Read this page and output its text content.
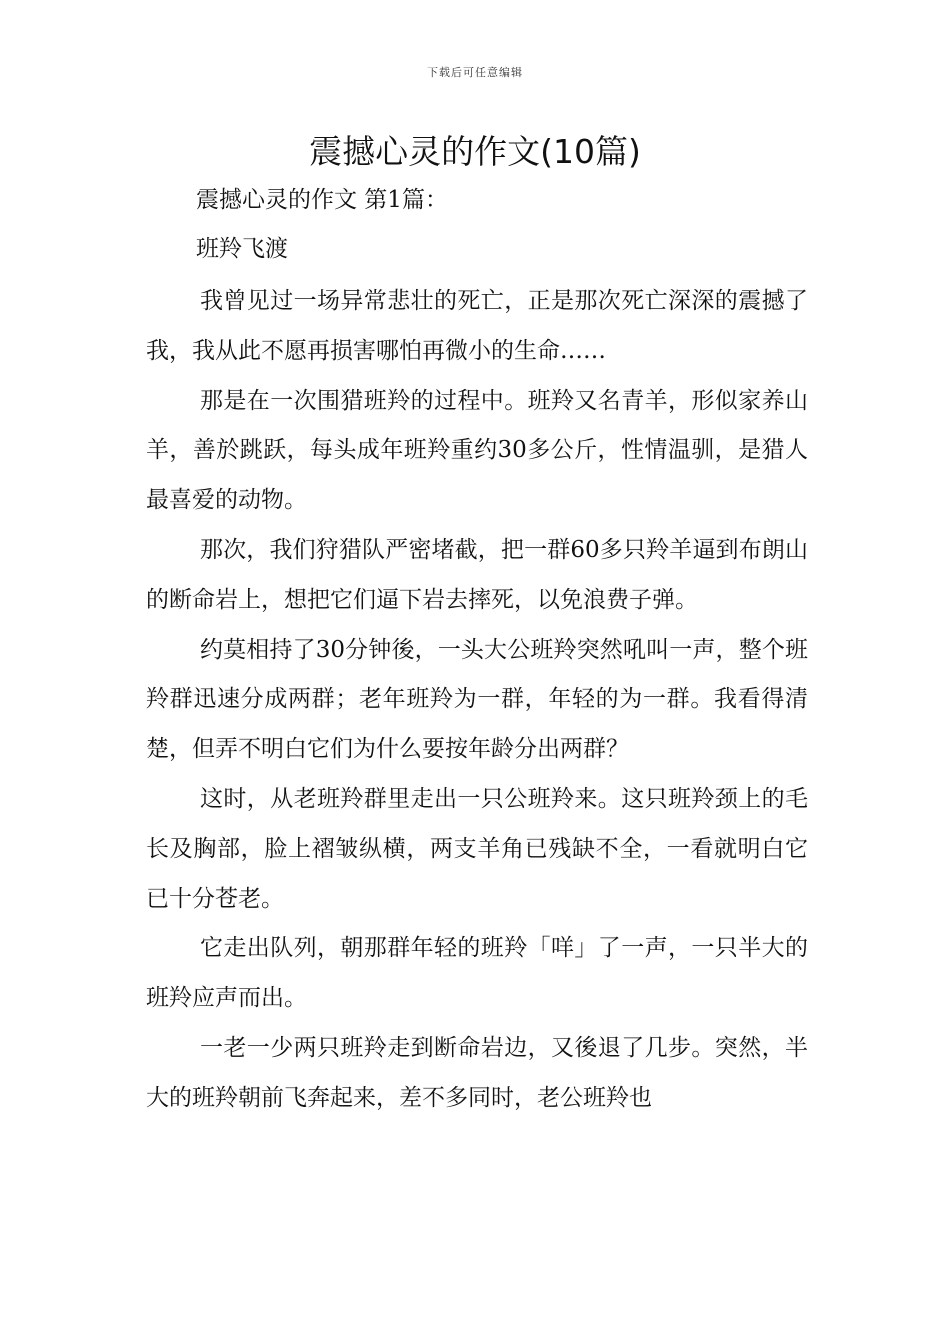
下载后可任意编辑
震撼心灵的作文(10篇)
震撼心灵的作文 第1篇：
班羚飞渡

我曾见过一场异常悲壮的死亡，正是那次死亡深深的震撼了我，我从此不愿再损害哪怕再微小的生命……

那是在一次围猎班羚的过程中。班羚又名青羊，形似家养山羊，善於跳跃，每头成年班羚重约30多公斤，性情温驯，是猎人最喜爱的动物。

那次，我们狩猎队严密堵截，把一群60多只羚羊逼到布朗山的断命岩上，想把它们逼下岩去摔死，以免浪费子弹。

约莫相持了30分钟後，一头大公班羚突然吼叫一声，整个班羚群迅速分成两群；老年班羚为一群，年轻的为一群。我看得清楚，但弄不明白它们为什么要按年龄分出两群？

这时，从老班羚群里走出一只公班羚来。这只班羚颈上的毛长及胸部，脸上褶皱纵横，两支羊角已残缺不全，一看就明白它已十分苍老。

它走出队列，朝那群年轻的班羚「咩」了一声，一只半大的班羚应声而出。

一老一少两只班羚走到断命岩边，又後退了几步。突然，半大的班羚朝前飞奔起来，差不多同时，老公班羚也
